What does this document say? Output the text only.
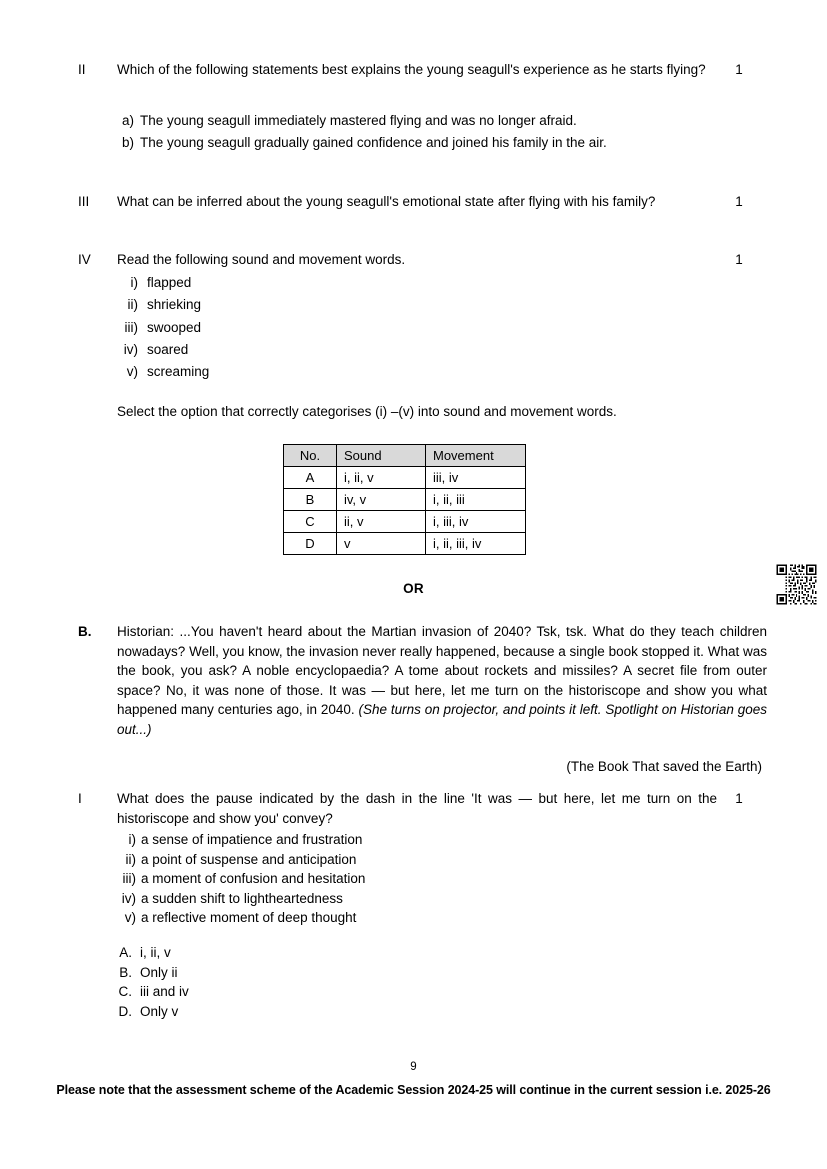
II	Which of the following statements best explains the young seagull's experience as he starts flying?	1
a) The young seagull immediately mastered flying and was no longer afraid.
b) The young seagull gradually gained confidence and joined his family in the air.
III	What can be inferred about the young seagull's emotional state after flying with his family?	1
IV	Read the following sound and movement words.	1
i) flapped
ii) shrieking
iii) swooped
iv) soared
v) screaming
Select the option that correctly categorises (i) –(v) into sound and movement words.
No.	Sound	Movement
A	i, ii, v	iii, iv
B	iv, v	i, ii, iii
C	ii, v	i, iii, iv
D	v	i, ii, iii, iv
OR
B.	Historian: ...You haven't heard about the Martian invasion of 2040? Tsk, tsk. What do they teach children nowadays? Well, you know, the invasion never really happened, because a single book stopped it. What was the book, you ask? A noble encyclopaedia? A tome about rockets and missiles? A secret file from outer space? No, it was none of those. It was — but here, let me turn on the historiscope and show you what happened many centuries ago, in 2040. (She turns on projector, and points it left. Spotlight on Historian goes out...)
(The Book That saved the Earth)
I	What does the pause indicated by the dash in the line 'It was — but here, let me turn on the historiscope and show you' convey?
1
i) a sense of impatience and frustration
ii) a point of suspense and anticipation
iii) a moment of confusion and hesitation
iv) a sudden shift to lightheartedness
v) a reflective moment of deep thought
A. i, ii, v
B. Only ii
C. iii and iv
D. Only v
9
Please note that the assessment scheme of the Academic Session 2024-25 will continue in the current session i.e. 2025-26
